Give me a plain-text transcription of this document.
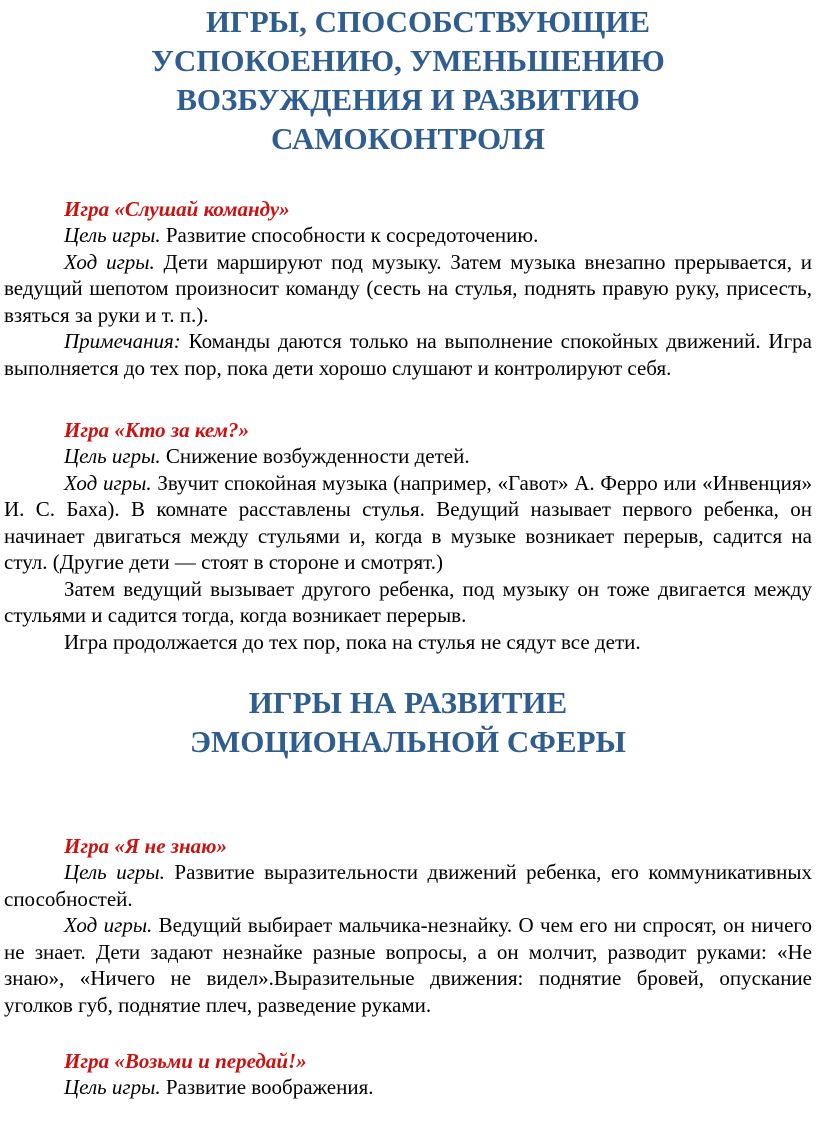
ИГРЫ, СПОСОБСТВУЮЩИЕ
УСПОКОЕНИЮ, УМЕНЬШЕНИЮ
ВОЗБУЖДЕНИЯ И РАЗВИТИЮ
САМОКОНТРОЛЯ
Игра «Слушай команду»

Цель игры. Развитие способности к сосредоточению.

Ход игры. Дети маршируют под музыку. Затем музыка внезапно прерывается, и ведущий шепотом произносит команду (сесть на стулья, поднять правую руку, присесть, взяться за руки и т. п.).

Примечания: Команды даются только на выполнение спокойных движений. Игра выполняется до тех пор, пока дети хорошо слушают и контролируют себя.

Игра «Кто за кем?»

Цель игры. Снижение возбужденности детей.

Ход игры. Звучит спокойная музыка (например, «Гавот» А. Ферро или «Инвенция» И. С. Баха). В комнате расставлены стулья. Ведущий называет первого ребенка, он начинает двигаться между стульями и, когда в музыке возникает перерыв, садится на стул. (Другие дети — стоят в стороне и смотрят.)

Затем ведущий вызывает другого ребенка, под музыку он тоже двигается между стульями и садится тогда, когда возникает перерыв.

Игра продолжается до тех пор, пока на стулья не сядут все дети.

ИГРЫ НА РАЗВИТИЕ
ЭМОЦИОНАЛЬНОЙ СФЕРЫ
Игра «Я не знаю»

Цель игры. Развитие выразительности движений ребенка, его коммуникативных способностей.

Ход игры. Ведущий выбирает мальчика-незнайку. О чем его ни спросят, он ничего не знает. Дети задают незнайке разные вопросы, а он молчит, разводит руками: «Не знаю», «Ничего не видел».Выразительные движения: поднятие бровей, опускание уголков губ, поднятие плеч, разведение руками.

Игра «Возьми и передай!»

Цель игры. Развитие воображения.
